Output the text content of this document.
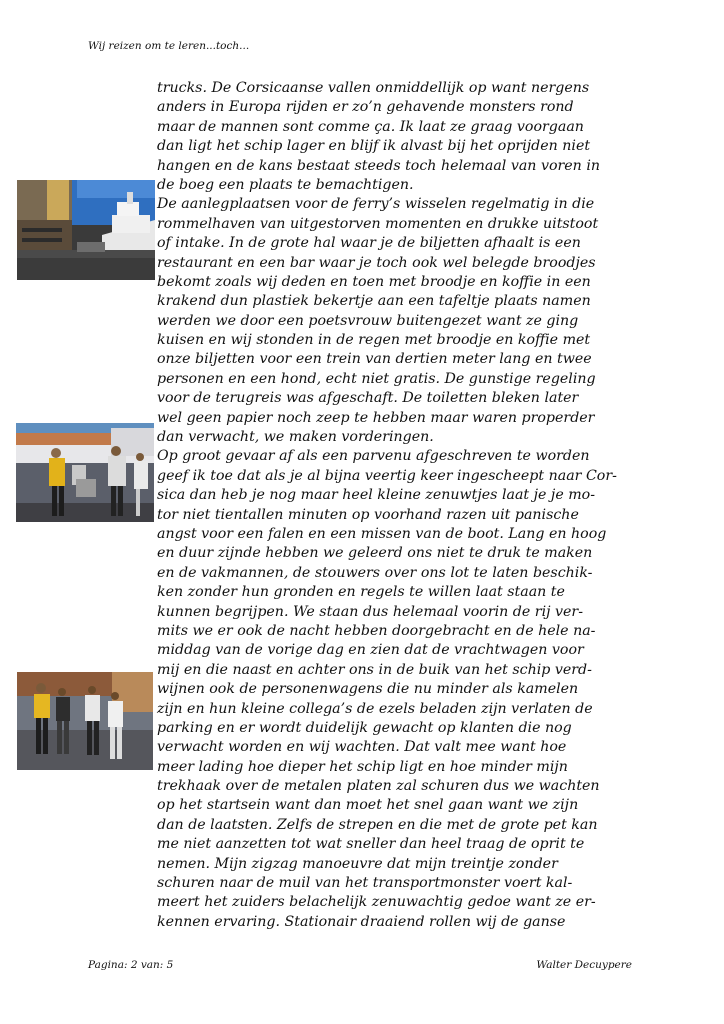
Wij reizen om te leren...toch...
trucks. De Corsicaanse vallen onmiddellijk op want nergens
anders in Europa rijden er zo’n gehavende monsters rond
maar de mannen sont comme ça. Ik laat ze graag voorgaan
dan ligt het schip lager en blijf ik alvast bij het oprijden niet
hangen en de kans bestaat steeds toch helemaal van voren in
de boeg een plaats te bemachtigen.
De aanlegplaatsen voor de ferry’s wisselen regelmatig in die
rommelhaven van uitgestorven momenten en drukke uitstoot
of intake. In de grote hal waar je de biljetten afhaalt is een
restaurant en een bar waar je toch ook wel belegde broodjes
bekomt zoals wij deden en toen met broodje en koffie in een
krakend dun plastiek bekertje aan een tafeltje plaats namen
werden we door een poetsvrouw buitengezet want ze ging
kuisen en wij stonden in de regen met broodje en koffie met
onze biljetten voor een trein van dertien meter lang en twee
personen en een hond, echt niet gratis. De gunstige regeling
voor de terugreis was afgeschaft. De toiletten bleken later
wel geen papier noch zeep te hebben maar waren properder
dan verwacht, we maken vorderingen.
Op groot gevaar af als een parvenu afgeschreven te worden
geef ik toe dat als je al bijna veertig keer ingescheept naar Cor-
sica dan heb je nog maar heel kleine zenuwtjes laat je je mo-
tor niet tientallen minuten op voorhand razen uit panische
angst voor een falen en een missen van de boot. Lang en hoog
en duur zijnde hebben we geleerd ons niet te druk te maken
en de vakmannen, de stouwers over ons lot te laten beschik-
ken zonder hun gronden en regels te willen laat staan te
kunnen begrijpen. We staan dus helemaal voorin de rij ver-
mits we er ook de nacht hebben doorgebracht en de hele na-
middag van de vorige dag en zien dat de vrachtwagen voor
mij en die naast en achter ons in de buik van het schip verd-
wijnen ook de personenwagens die nu minder als kamelen
zijn en hun kleine collega’s de ezels beladen zijn verlaten de
parking en er wordt duidelijk gewacht op klanten die nog
verwacht worden en wij wachten. Dat valt mee want hoe
meer lading hoe dieper het schip ligt en hoe minder mijn
trekhaak over de metalen platen zal schuren dus we wachten
op het startsein want dan moet het snel gaan want we zijn
dan de laatsten. Zelfs de strepen en die met de grote pet kan
me niet aanzetten tot wat sneller dan heel traag de oprit te
nemen. Mijn zigzag manoeuvre dat mijn treintje zonder
schuren naar de muil van het transportmonster voert kal-
meert het zuiders belachelijk zenuwachtig gedoe want ze er-
kennen ervaring. Stationair draaiend rollen wij de ganse
Pagina: 2 van: 5	Walter Decuypere
